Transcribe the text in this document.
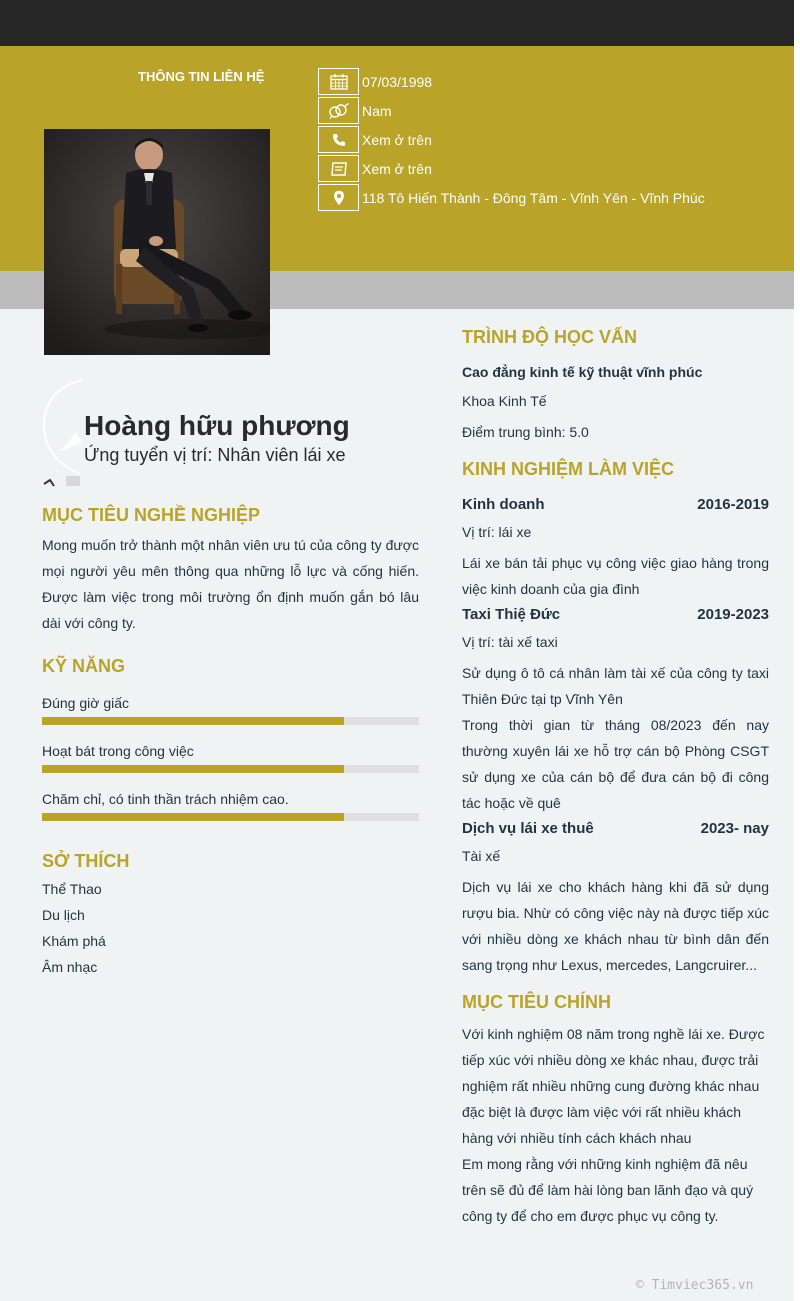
THÔNG TIN LIÊN HỆ	07/03/1998
Nam
Xem ở trên
Xem ở trên
118 Tô Hiến Thành - Đông Tâm - Vĩnh Yên - Vĩnh Phúc
Hoàng hữu phương
Ứng tuyển vị trí: Nhân viên lái xe
MỤC TIÊU NGHỀ NGHIỆP
Mong muốn trở thành một nhân viên ưu tú của công ty được mọi người yêu mên thông qua những lỗ lực và cống hiến. Được làm việc trong môi trường ổn định muốn gắn bó lâu dài với công ty.
KỸ NĂNG
Đúng giờ giấc
Hoạt bát trong công việc
Chăm chỉ, có tinh thần trách nhiệm cao.
SỞ THÍCH
Thể Thao
Du lịch
Khám phá
Âm nhạc
TRÌNH ĐỘ HỌC VẤN
Cao đẳng kinh tế kỹ thuật vĩnh phúc
Khoa Kinh Tế
Điểm trung bình: 5.0
KINH NGHIỆM LÀM VIỆC
Kinh doanh	2016-2019
Vị trí: lái xe
Lái xe bán tải phục vụ công việc giao hàng trong việc kinh doanh của gia đình
Taxi Thiệ Đức	2019-2023
Vị trí: tài xế taxi
Sử dụng ô tô cá nhân làm tài xế của công ty taxi Thiên Đức tại tp Vĩnh Yên
Trong thời gian từ tháng 08/2023 đến nay thường xuyên lái xe hỗ trợ cán bộ Phòng CSGT sử dụng xe của cán bộ để đưa cán bộ đi công tác hoặc về quê
Dịch vụ lái xe thuê	2023- nay
Tài xế
Dịch vụ lái xe cho khách hàng khi đã sử dụng rượu bia. Nhừ có công việc này nà được tiếp xúc với nhiều dòng xe khách nhau từ bình dân đến sang trọng như Lexus, mercedes, Langcruirer...
MỤC TIÊU CHÍNH
Với kinh nghiệm 08 năm trong nghề lái xe. Được
tiếp xúc với nhiều dòng xe khác nhau, được trải
nghiệm rất nhiều những cung đường khác nhau
đặc biệt là được làm việc với rất nhiều khách
hàng với nhiều tính cách khách nhau
Em mong rằng với những kinh nghiệm đã nêu
trên sẽ đủ để làm hài lòng ban lãnh đạo và quý
công ty để cho em được phục vụ công ty.
© Timviec365.vn
